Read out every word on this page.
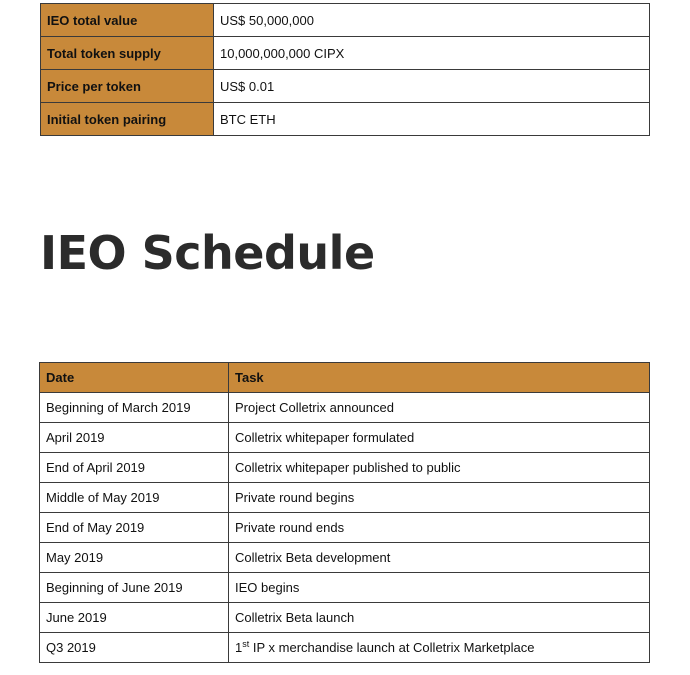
IEO total value	US$ 50,000,000
Total token supply	10,000,000,000 CIPX
Price per token	US$ 0.01
Initial token pairing	BTC ETH
IEO Schedule
Date	Task
Beginning of March 2019	Project Colletrix announced
April 2019	Colletrix whitepaper formulated
End of April 2019	Colletrix whitepaper published to public
Middle of May 2019	Private round begins
End of May 2019	Private round ends
May 2019	Colletrix Beta development
Beginning of June 2019	IEO begins
June 2019	Colletrix Beta launch
Q3 2019	1st IP x merchandise launch at Colletrix Marketplace
